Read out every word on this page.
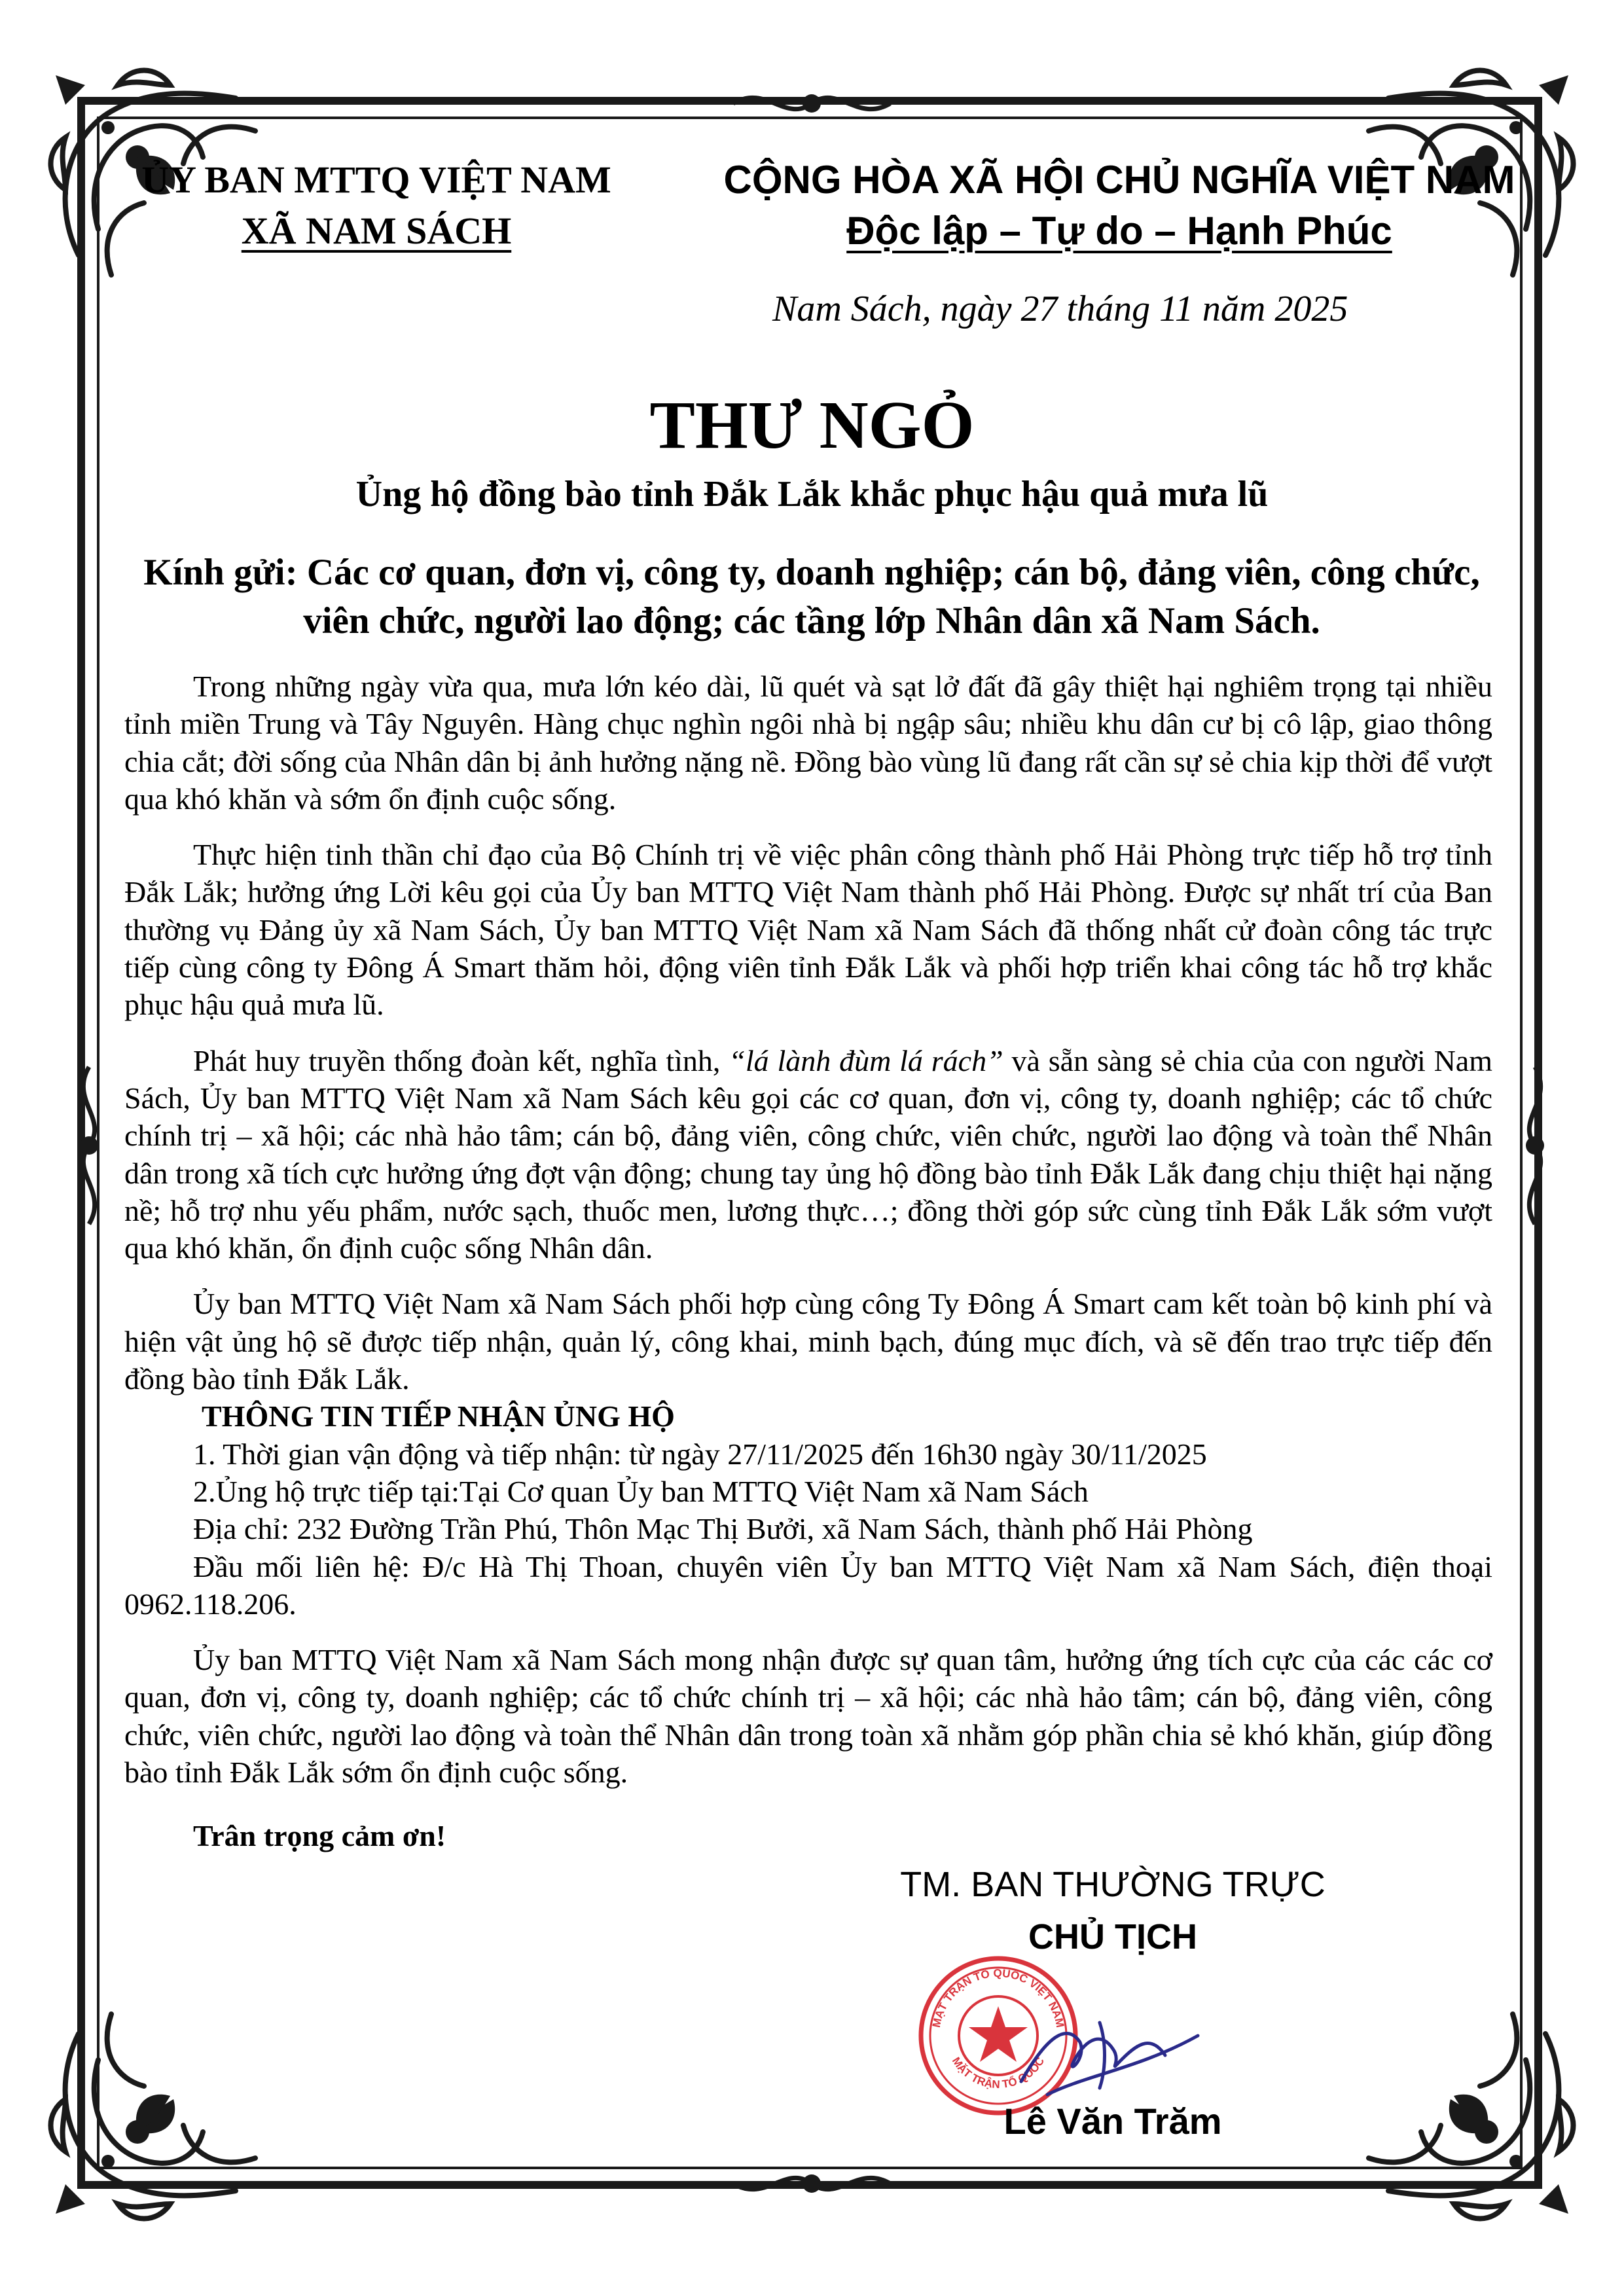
ỦY BAN MTTQ VIỆT NAM
XÃ NAM SÁCH
CỘNG HÒA XÃ HỘI CHỦ NGHĨA VIỆT NAM
Độc lập – Tự do – Hạnh Phúc
Nam Sách, ngày 27 tháng 11 năm 2025
THƯ NGỎ
Ủng hộ đồng bào tỉnh Đắk Lắk khắc phục hậu quả mưa lũ
Kính gửi: Các cơ quan, đơn vị, công ty, doanh nghiệp; cán bộ, đảng viên, công chức,
viên chức, người lao động; các tầng lớp Nhân dân xã Nam Sách.

Trong những ngày vừa qua, mưa lớn kéo dài, lũ quét và sạt lở đất đã gây thiệt hại nghiêm trọng tại nhiều tỉnh miền Trung và Tây Nguyên. Hàng chục nghìn ngôi nhà bị ngập sâu; nhiều khu dân cư bị cô lập, giao thông chia cắt; đời sống của Nhân dân bị ảnh hưởng nặng nề. Đồng bào vùng lũ đang rất cần sự sẻ chia kịp thời để vượt qua khó khăn và sớm ổn định cuộc sống.

Thực hiện tinh thần chỉ đạo của Bộ Chính trị về việc phân công thành phố Hải Phòng trực tiếp hỗ trợ tỉnh Đắk Lắk; hưởng ứng Lời kêu gọi của Ủy ban MTTQ Việt Nam thành phố Hải Phòng. Được sự nhất trí của Ban thường vụ Đảng ủy xã Nam Sách, Ủy ban MTTQ Việt Nam xã Nam Sách đã thống nhất cử đoàn công tác trực tiếp cùng công ty Đông Á Smart thăm hỏi, động viên tỉnh Đắk Lắk và phối hợp triển khai công tác hỗ trợ khắc phục hậu quả mưa lũ.

Phát huy truyền thống đoàn kết, nghĩa tình, “lá lành đùm lá rách” và sẵn sàng sẻ chia của con người Nam Sách, Ủy ban MTTQ Việt Nam xã Nam Sách kêu gọi các cơ quan, đơn vị, công ty, doanh nghiệp; các tổ chức chính trị – xã hội; các nhà hảo tâm; cán bộ, đảng viên, công chức, viên chức, người lao động và toàn thể Nhân dân trong xã tích cực hưởng ứng đợt vận động; chung tay ủng hộ đồng bào tỉnh Đắk Lắk đang chịu thiệt hại nặng nề; hỗ trợ nhu yếu phẩm, nước sạch, thuốc men, lương thực…; đồng thời góp sức cùng tỉnh Đắk Lắk sớm vượt qua khó khăn, ổn định cuộc sống Nhân dân.

Ủy ban MTTQ Việt Nam xã Nam Sách phối hợp cùng công Ty Đông Á Smart cam kết toàn bộ kinh phí và hiện vật ủng hộ sẽ được tiếp nhận, quản lý, công khai, minh bạch, đúng mục đích, và sẽ đến trao trực tiếp đến đồng bào tỉnh Đắk Lắk.

THÔNG TIN TIẾP NHẬN ỦNG HỘ

1. Thời gian vận động và tiếp nhận: từ ngày 27/11/2025 đến 16h30 ngày 30/11/2025

2.Ủng hộ trực tiếp tại:Tại Cơ quan Ủy ban MTTQ Việt Nam xã Nam Sách

Địa chỉ: 232 Đường Trần Phú, Thôn Mạc Thị Bưởi, xã Nam Sách, thành phố Hải Phòng

Đầu mối liên hệ: Đ/c Hà Thị Thoan, chuyên viên Ủy ban MTTQ Việt Nam xã Nam Sách, điện thoại 0962.118.206.

Ủy ban MTTQ Việt Nam xã Nam Sách mong nhận được sự quan tâm, hưởng ứng tích cực của các các cơ quan, đơn vị, công ty, doanh nghiệp; các tổ chức chính trị – xã hội; các nhà hảo tâm; cán bộ, đảng viên, công chức, viên chức, người lao động và toàn thể Nhân dân trong toàn xã nhằm góp phần chia sẻ khó khăn, giúp đồng bào tỉnh Đắk Lắk sớm ổn định cuộc sống.

Trân trọng cảm ơn!

TM. BAN THƯỜNG TRỰC
CHỦ TỊCH
MẶT TRẬN TỔ QUỐC VIỆT NAM
MẶT TRẬN TỔ QUỐC
Lê Văn Trăm
